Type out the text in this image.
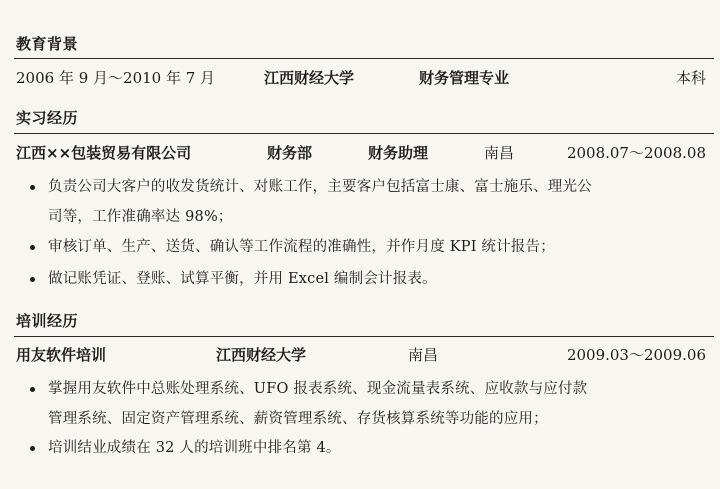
教育背景
2006 年 9 月～2010 年 7 月	江西财经大学	财务管理专业	本科
实习经历
江西××包装贸易有限公司	财务部	财务助理	南昌	2008.07～2008.08
负责公司大客户的收发货统计、对账工作，主要客户包括富士康、富士施乐、理光公
司等，工作准确率达 98%；
审核订单、生产、送货、确认等工作流程的准确性，并作月度 KPI 统计报告；
做记账凭证、登账、试算平衡，并用 Excel 编制会计报表。
培训经历
用友软件培训	江西财经大学	南昌	2009.03～2009.06
掌握用友软件中总账处理系统、UFO 报表系统、现金流量表系统、应收款与应付款
管理系统、固定资产管理系统、薪资管理系统、存货核算系统等功能的应用；
培训结业成绩在 32 人的培训班中排名第 4。
